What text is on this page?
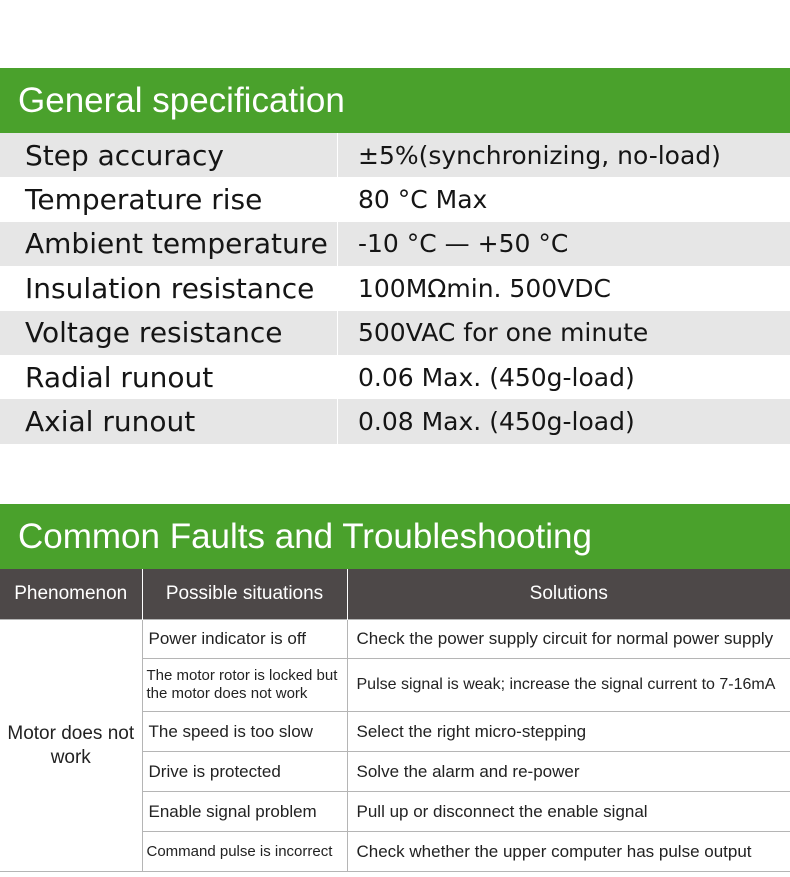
General specification
Step accuracy	±5%(synchronizing, no-load)
Temperature rise	80 °C Max
Ambient temperature	-10 °C — +50 °C
Insulation resistance	100MΩmin. 500VDC
Voltage resistance	500VAC for one minute
Radial runout	0.06 Max. (450g-load)
Axial runout	0.08 Max. (450g-load)
Common Faults and Troubleshooting
Phenomenon	Possible situations	Solutions
Motor does not work	Power indicator is off	Check the power supply circuit for normal power supply
	The motor rotor is locked but the motor does not work	Pulse signal is weak; increase the signal current to 7-16mA
	The speed is too slow	Select the right micro-stepping
	Drive is protected	Solve the alarm and re-power
	Enable signal problem	Pull up or disconnect the enable signal
	Command pulse is incorrect	Check whether the upper computer has pulse output
